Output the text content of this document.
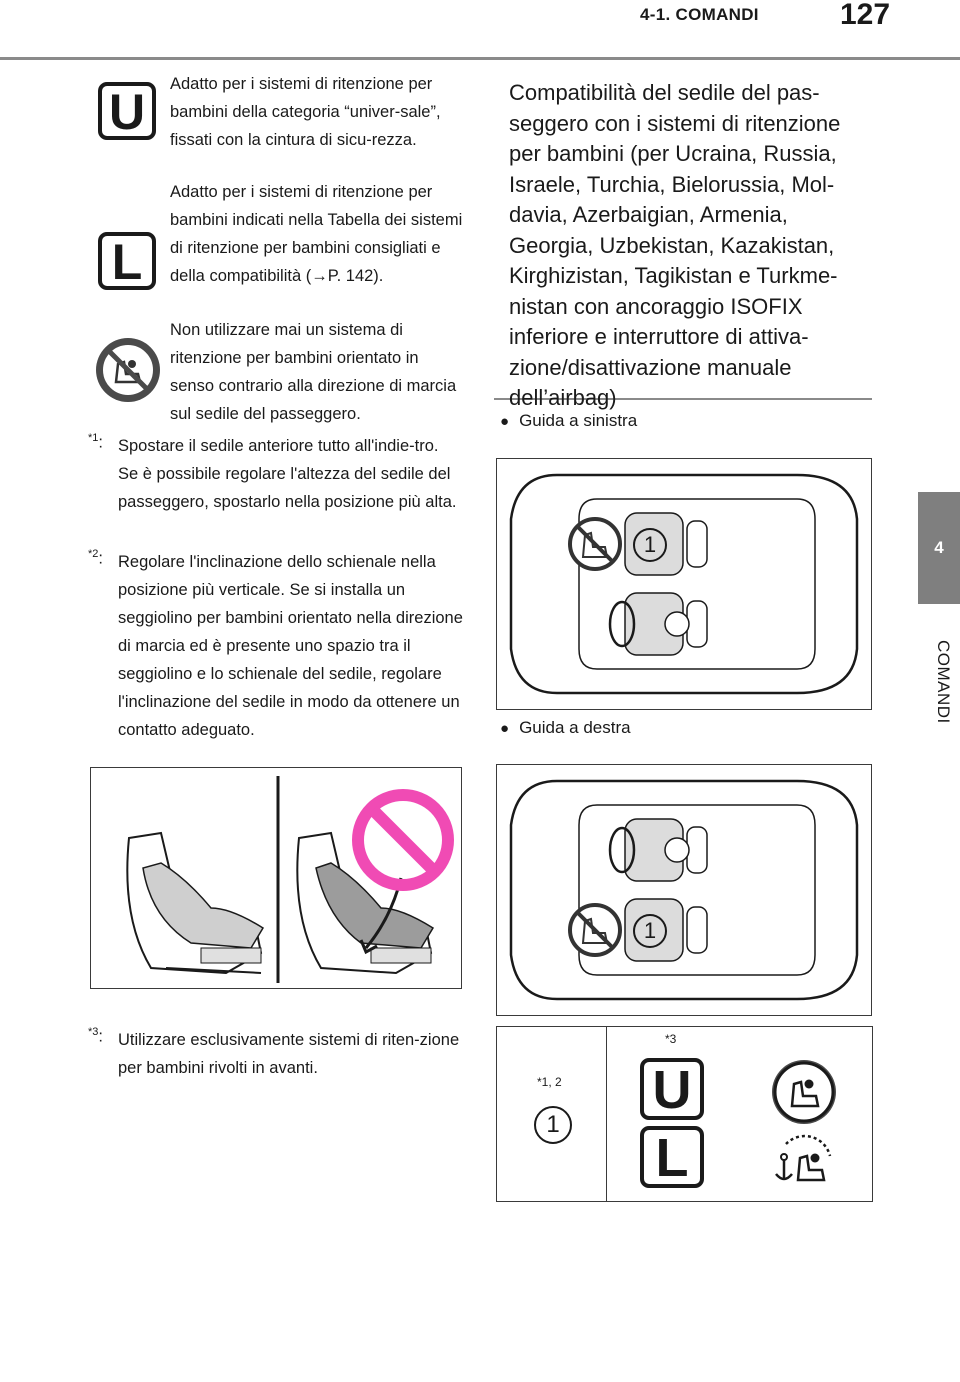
4-1. COMANDI	127
4
COMANDI
U	Adatto per i sistemi di ritenzione per bambini della categoria “univer-sale”, fissati con la cintura di sicu-rezza.
L
Adatto per i sistemi di ritenzione per bambini indicati nella Tabella dei sistemi di ritenzione per bambini consigliati e della compatibilità (→P. 142).
Non utilizzare mai un sistema di ritenzione per bambini orientato in senso contrario alla direzione di marcia sul sedile del passeggero.
$^{*1}$: Spostare il sedile anteriore tutto all'indie-tro. Se è possibile regolare l'altezza del sedile del passeggero, spostarlo nella posizione più alta.
$^{*2}$: Regolare l'inclinazione dello schienale nella posizione più verticale. Se si installa un seggiolino per bambini orientato nella direzione di marcia ed è presente uno spazio tra il seggiolino e lo schienale del sedile, regolare l'inclinazione del sedile in modo da ottenere un contatto adeguato.
$^{*3}$: Utilizzare esclusivamente sistemi di riten-zione per bambini rivolti in avanti.
Compatibilità del sedile del pas-seggero con i sistemi di ritenzione per bambini (per Ucraina, Russia, Israele, Turchia, Bielorussia, Mol-davia, Azerbaigian, Armenia, Georgia, Uzbekistan, Kazakistan, Kirghizistan, Tagikistan e Turkme-nistan con ancoraggio ISOFIX inferiore e interruttore di attiva-zione/disattivazione manuale dell’airbag)
● Guida a sinistra
1
● Guida a destra
1
*1, 2
1
*3
U
L
